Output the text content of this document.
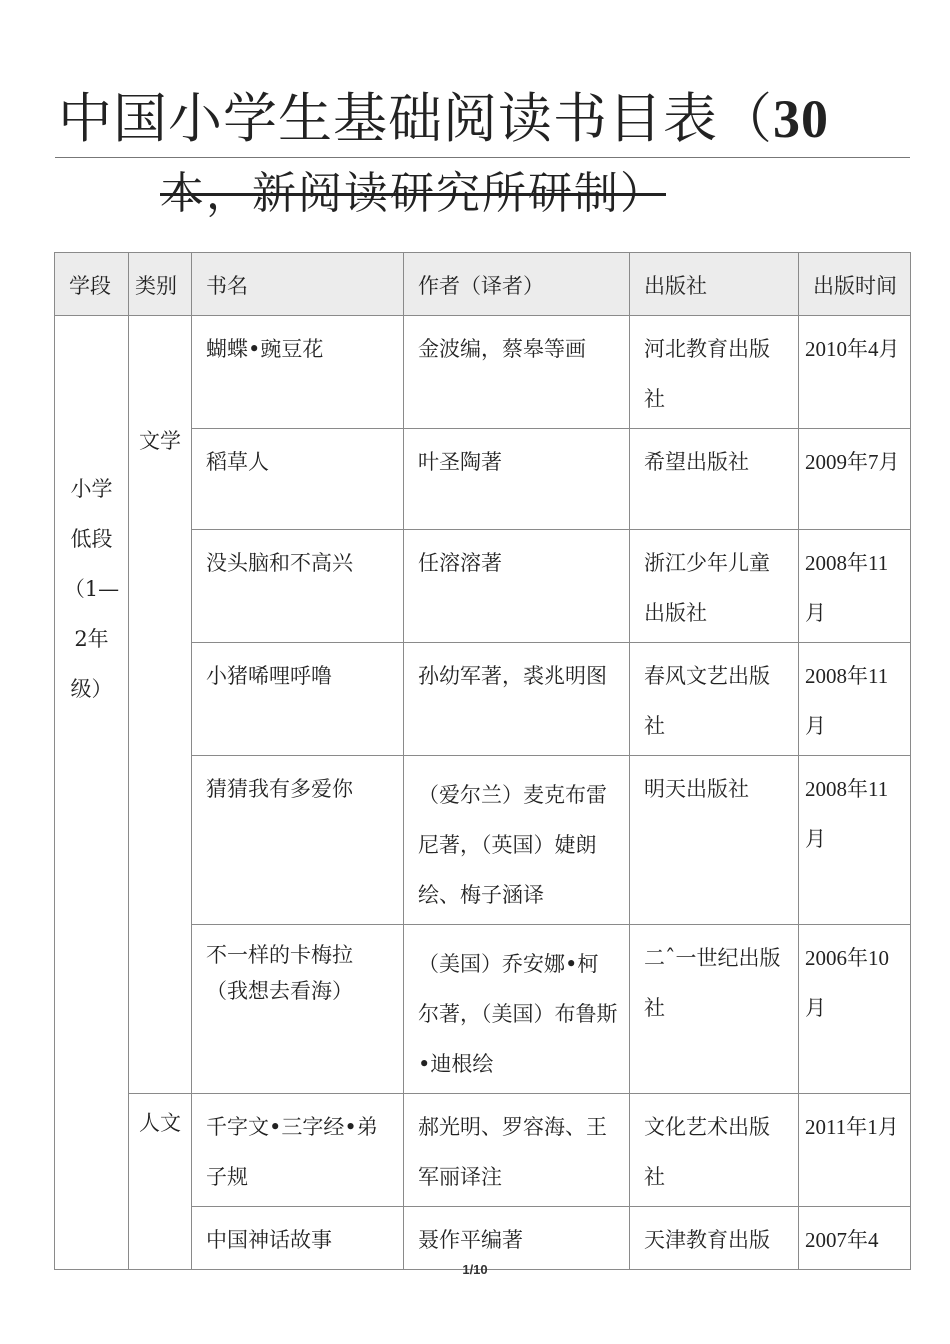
中国小学生基础阅读书目表（30
本，新阅读研究所研制）
学段	类别	书名	作者（译者）	出版社	出版时间

小学低段（1—2年级）	文学	蝴蝶•豌豆花	金波编，蔡皋等画	河北教育出版社	2010年4月
		稻草人	叶圣陶著	希望出版社	2009年7月
		没头脑和不高兴	任溶溶著	浙江少年儿童出版社	2008年11月
		小猪唏哩呼噜	孙幼军著，裘兆明图	春风文艺出版社	2008年11月
		猜猜我有多爱你	（爱尔兰）麦克布雷尼著，（英国）婕朗绘、梅子涵译	明天出版社	2008年11月
		不一样的卡梅拉（我想去看海）	（美国）乔安娜•柯尔著，（美国）布鲁斯•迪根绘	二ˆ一世纪出版社	2006年10月

	人文	千字文•三字经•弟子规	郝光明、罗容海、王军丽译注	文化艺术出版社	2011年1月
		中国神话故事	聂作平编著	天津教育出版	2007年4
1/10
